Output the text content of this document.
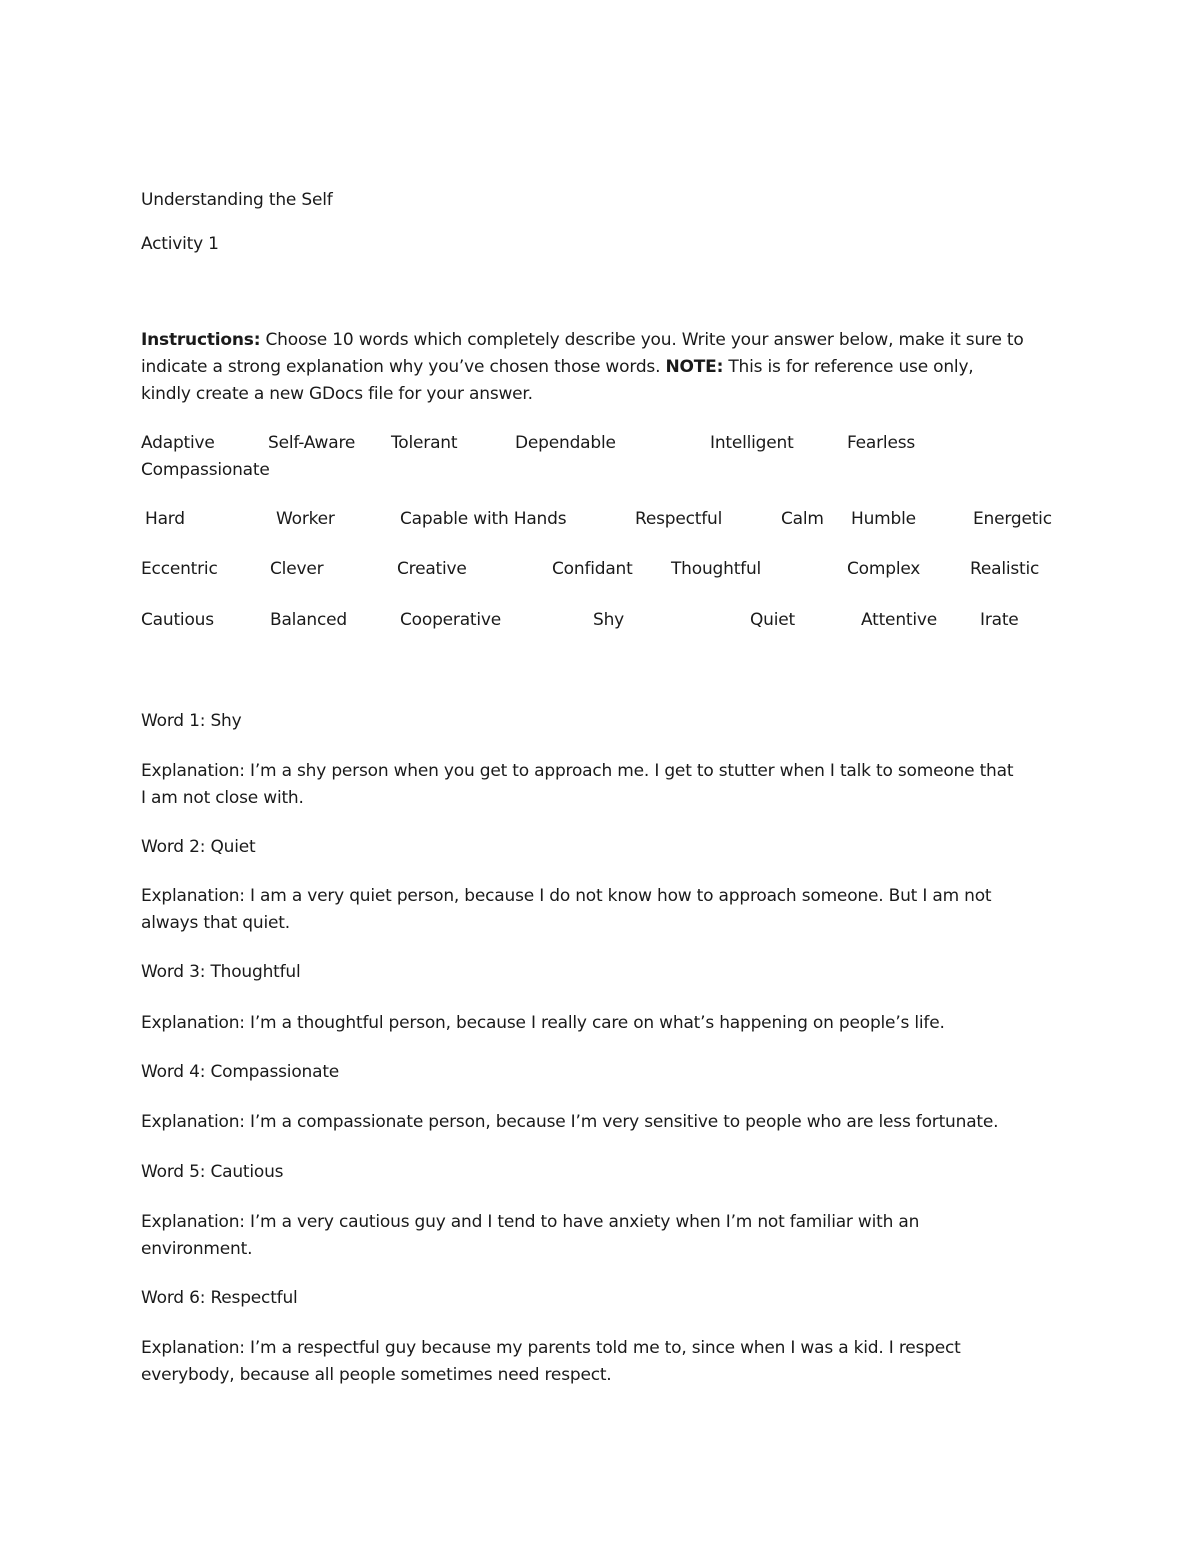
Understanding the Self
Activity 1
Instructions: Choose 10 words which completely describe you. Write your answer below, make it sure to
indicate a strong explanation why you’ve chosen those words. NOTE: This is for reference use only,
kindly create a new GDocs file for your answer.
Adaptive	Self-Aware Tolerant	Dependable	Intelligent	Fearless
Compassionate
Hard	Worker	Capable with Hands	Respectful	Calm Humble	Energetic
Eccentric	Clever	Creative	Confidant Thoughtful	Complex	Realistic
Cautious	Balanced	Cooperative	Shy	Quiet	Attentive	Irate
Word 1: Shy
Explanation: I’m a shy person when you get to approach me. I get to stutter when I talk to someone that
I am not close with.
Word 2: Quiet
Explanation: I am a very quiet person, because I do not know how to approach someone. But I am not
always that quiet.
Word 3: Thoughtful
Explanation: I’m a thoughtful person, because I really care on what’s happening on people’s life.
Word 4: Compassionate
Explanation: I’m a compassionate person, because I’m very sensitive to people who are less fortunate.
Word 5: Cautious
Explanation: I’m a very cautious guy and I tend to have anxiety when I’m not familiar with an
environment.
Word 6: Respectful
Explanation: I’m a respectful guy because my parents told me to, since when I was a kid. I respect
everybody, because all people sometimes need respect.
